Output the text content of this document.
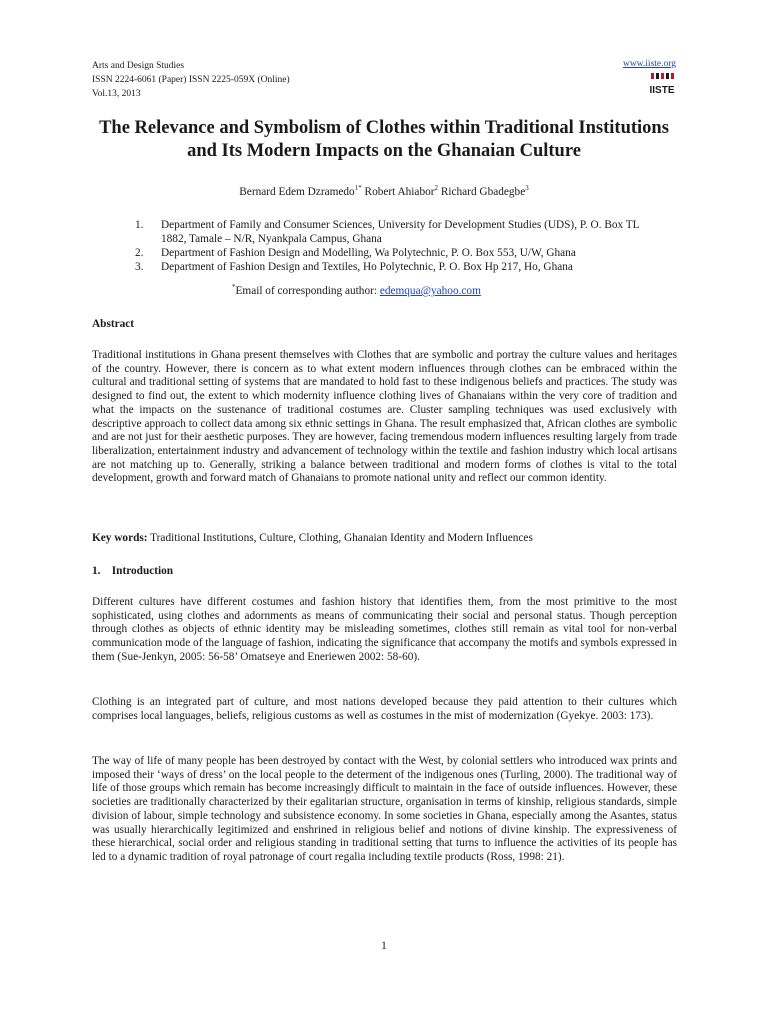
Arts and Design Studies
ISSN 2224-6061 (Paper) ISSN 2225-059X (Online)
Vol.13, 2013
www.iiste.org
IISTE
The Relevance and Symbolism of Clothes within Traditional Institutions and Its Modern Impacts on the Ghanaian Culture
Bernard Edem Dzramedo$^{1*}$ Robert Ahiabor$^2$ Richard Gbadegbe$^3$
1. Department of Family and Consumer Sciences, University for Development Studies (UDS), P. O. Box TL 1882, Tamale – N/R, Nyankpala Campus, Ghana
2. Department of Fashion Design and Modelling, Wa Polytechnic, P. O. Box 553, U/W, Ghana
3. Department of Fashion Design and Textiles, Ho Polytechnic, P. O. Box Hp 217, Ho, Ghana
*Email of corresponding author: edemqua@yahoo.com
Abstract

Traditional institutions in Ghana present themselves with Clothes that are symbolic and portray the culture values and heritages of the country. However, there is concern as to what extent modern influences through clothes can be embraced within the cultural and traditional setting of systems that are mandated to hold fast to these indigenous beliefs and practices. The study was designed to find out, the extent to which modernity influence clothing lives of Ghanaians within the very core of tradition and what the impacts on the sustenance of traditional costumes are. Cluster sampling techniques was used exclusively with descriptive approach to collect data among six ethnic settings in Ghana. The result emphasized that, African clothes are symbolic and are not just for their aesthetic purposes. They are however, facing tremendous modern influences resulting largely from trade liberalization, entertainment industry and advancement of technology within the textile and fashion industry which local artisans are not matching up to. Generally, striking a balance between traditional and modern forms of clothes is vital to the total development, growth and forward match of Ghanaians to promote national unity and reflect our common identity.

Key words: Traditional Institutions, Culture, Clothing, Ghanaian Identity and Modern Influences
1. Introduction

Different cultures have different costumes and fashion history that identifies them, from the most primitive to the most sophisticated, using clothes and adornments as means of communicating their social and personal status. Though perception through clothes as objects of ethnic identity may be misleading sometimes, clothes still remain as vital tool for non-verbal communication mode of the language of fashion, indicating the significance that accompany the motifs and symbols expressed in them (Sue-Jenkyn, 2005: 56-58’ Omatseye and Eneriewen 2002: 58-60).

Clothing is an integrated part of culture, and most nations developed because they paid attention to their cultures which comprises local languages, beliefs, religious customs as well as costumes in the mist of modernization (Gyekye. 2003: 173).

The way of life of many people has been destroyed by contact with the West, by colonial settlers who introduced wax prints and imposed their ‘ways of dress’ on the local people to the determent of the indigenous ones (Turling, 2000). The traditional way of life of those groups which remain has become increasingly difficult to maintain in the face of outside influences. However, these societies are traditionally characterized by their egalitarian structure, organisation in terms of kinship, religious standards, simple division of labour, simple technology and subsistence economy. In some societies in Ghana, especially among the Asantes, status was usually hierarchically legitimized and enshrined in religious belief and notions of divine kinship. The expressiveness of these hierarchical, social order and religious standing in traditional setting that turns to influence the activities of its people has led to a dynamic tradition of royal patronage of court regalia including textile products (Ross, 1998: 21).

1
